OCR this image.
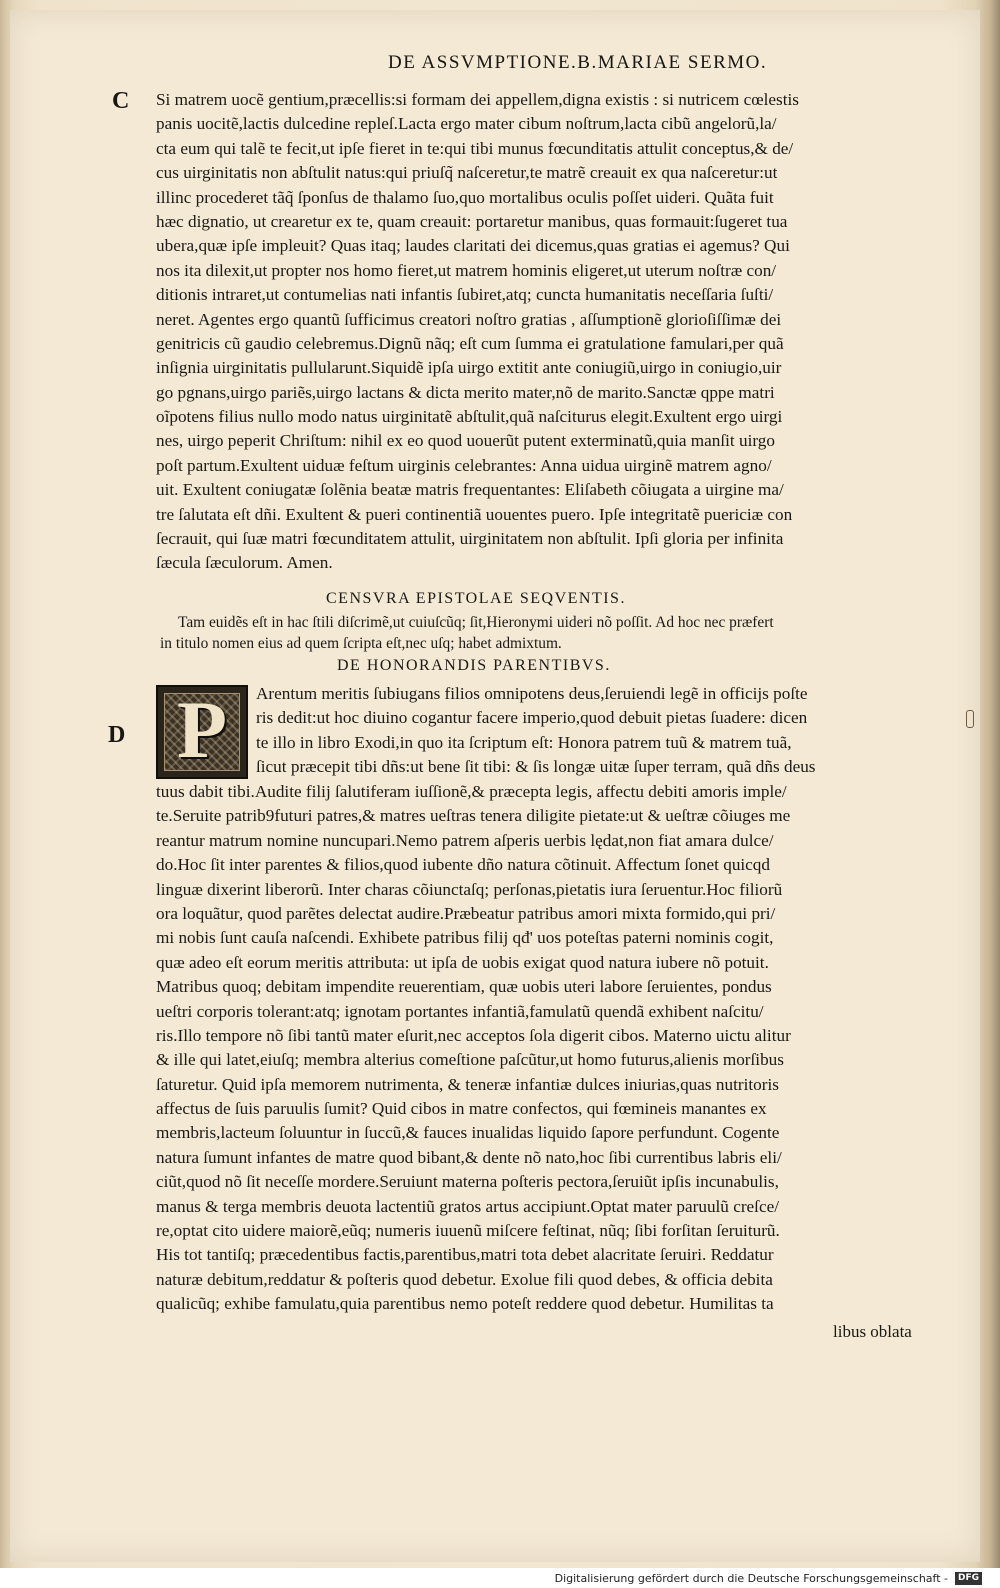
DE ASSVMPTIONE.B.MARIAE SERMO.
C
D
Si matrem uocẽ gentium,præcellis:si formam dei appellem,digna existis : si nutricem cœlestis
panis uocitẽ,lactis dulcedine repleſ.Lacta ergo mater cibum noſtrum,lacta cibũ angelorũ,la/
cta eum qui talẽ te fecit,ut ipſe fieret in te:qui tibi munus fœcunditatis attulit conceptus,& de/
cus uirginitatis non abſtulit natus:qui priuſq̃ naſceretur,te matrẽ creauit ex qua naſceretur:ut
illinc procederet tãq̃ ſponſus de thalamo ſuo,quo mortalibus oculis poſſet uideri. Quãta fuit
hæc dignatio, ut crearetur ex te, quam creauit: portaretur manibus, quas formauit:ſugeret tua
ubera,quæ ipſe impleuit? Quas itaq; laudes claritati dei dicemus,quas gratias ei agemus? Qui
nos ita dilexit,ut propter nos homo fieret,ut matrem hominis eligeret,ut uterum noſtræ con/
ditionis intraret,ut contumelias nati infantis ſubiret,atq; cuncta humanitatis neceſſaria ſuſti/
neret. Agentes ergo quantũ ſufficimus creatori noſtro gratias , aſſumptionẽ glorioſiſſimæ dei
genitricis cũ gaudio celebremus.Dignũ nãq; eſt cum ſumma ei gratulatione famulari,per quã
inſignia uirginitatis pullularunt.Siquidẽ ipſa uirgo extitit ante coniugiũ,uirgo in coniugio,uir
go pgnans,uirgo pariẽs,uirgo lactans & dicta merito mater,nõ de marito.Sanctæ qppe matri
oĩpotens filius nullo modo natus uirginitatẽ abſtulit,quã naſciturus elegit.Exultent ergo uirgi
nes, uirgo peperit Chriſtum: nihil ex eo quod uouerũt putent exterminatũ,quia manſit uirgo
poſt partum.Exultent uiduæ feſtum uirginis celebrantes: Anna uidua uirginẽ matrem agno/
uit. Exultent coniugatæ ſolẽnia beatæ matris frequentantes: Eliſabeth cõiugata a uirgine ma/
tre ſalutata eſt dñi. Exultent & pueri continentiã uouentes puero. Ipſe integritatẽ puericiæ con
ſecrauit, qui ſuæ matri fœcunditatem attulit, uirginitatem non abſtulit. Ipſi gloria per infinita
ſæcula ſæculorum. Amen.
CENSVRA EPISTOLAE SEQVENTIS.
Tam euidẽs eſt in hac ſtili diſcrimẽ,ut cuiuſcũq; ſit,Hieronymi uideri nõ poſſit. Ad hoc nec præfert
in titulo nomen eius ad quem ſcripta eſt,nec uſq; habet admixtum.
DE HONORANDIS PARENTIBVS.
P	Arentum meritis ſubiugans filios omnipotens deus,ſeruiendi legẽ in officijs poſte
ris dedit:ut hoc diuino cogantur facere imperio,quod debuit pietas ſuadere: dicen
te illo in libro Exodi,in quo ita ſcriptum eſt: Honora patrem tuũ & matrem tuã,
ſicut præcepit tibi dñs:ut bene ſit tibi: & ſis longæ uitæ ſuper terram, quã dñs deus
tuus dabit tibi.Audite filij ſalutiferam iuſſionẽ,& præcepta legis, affectu debiti amoris imple/
te.Seruite patrib9futuri patres,& matres ueſtras tenera diligite pietate:ut & ueſtræ cõiuges me
reantur matrum nomine nuncupari.Nemo patrem aſperis uerbis lędat,non fiat amara dulce/
do.Hoc ſit inter parentes & filios,quod iubente dño natura cõtinuit. Affectum ſonet quicqd
linguæ dixerint liberorũ. Inter charas cõiunctaſq; perſonas,pietatis iura ſeruentur.Hoc filiorũ
ora loquãtur, quod parẽtes delectat audire.Præbeatur patribus amori mixta formido,qui pri/
mi nobis ſunt cauſa naſcendi. Exhibete patribus filij qđ' uos poteſtas paterni nominis cogit,
quæ adeo eſt eorum meritis attributa: ut ipſa de uobis exigat quod natura iubere nõ potuit.
Matribus quoq; debitam impendite reuerentiam, quæ uobis uteri labore ſeruientes, pondus
ueſtri corporis tolerant:atq; ignotam portantes infantiã,famulatũ quendã exhibent naſcitu/
ris.Illo tempore nõ ſibi tantũ mater eſurit,nec acceptos ſola digerit cibos. Materno uictu alitur
& ille qui latet,eiuſq; membra alterius comeſtione paſcũtur,ut homo futurus,alienis morſibus
ſaturetur. Quid ipſa memorem nutrimenta, & teneræ infantiæ dulces iniurias,quas nutritoris
affectus de ſuis paruulis ſumit? Quid cibos in matre confectos, qui fœmineis manantes ex
membris,lacteum ſoluuntur in ſuccũ,& fauces inualidas liquido ſapore perfundunt. Cogente
natura ſumunt infantes de matre quod bibant,& dente nõ nato,hoc ſibi currentibus labris eli/
ciũt,quod nõ ſit neceſſe mordere.Seruiunt materna poſteris pectora,ſeruiũt ipſis incunabulis,
manus & terga membris deuota lactentiũ gratos artus accipiunt.Optat mater paruulũ creſce/
re,optat cito uidere maiorẽ,eũq; numeris iuuenũ miſcere feſtinat, nũq; ſibi forſitan ſeruiturũ.
His tot tantiſq; præcedentibus factis,parentibus,matri tota debet alacritate ſeruiri. Reddatur
naturæ debitum,reddatur & poſteris quod debetur. Exolue fili quod debes, & officia debita
qualicũq; exhibe famulatu,quia parentibus nemo poteſt reddere quod debetur. Humilitas ta
libus oblata
Digitalisierung gefördert durch die Deutsche Forschungsgemeinschaft -	DFG
